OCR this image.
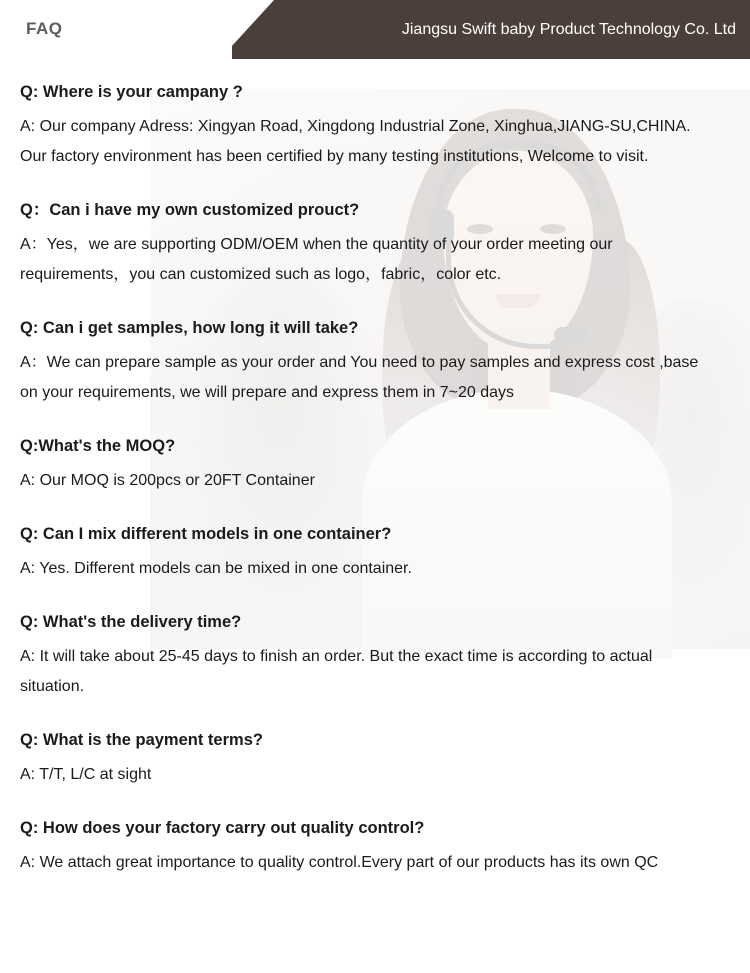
FAQ	Jiangsu Swift baby Product Technology Co. Ltd

Q: Where is your campany ?

A: Our company Adress: Xingyan Road, Xingdong Industrial Zone, Xinghua,JIANG-SU,CHINA. Our factory environment has been certified by many testing institutions, Welcome to visit.

Q：Can i have my own customized prouct?

A：Yes，we are supporting ODM/OEM when the quantity of your order meeting our requirements，you can customized such as logo，fabric，color etc.

Q: Can i get samples, how long it will take?

A：We can prepare sample as your order and You need to pay samples and express cost ,base on your requirements, we will prepare and express them in 7~20 days

Q:What's the MOQ?

A: Our MOQ is 200pcs or 20FT Container

Q: Can I mix different models in one container?

A: Yes. Different models can be mixed in one container.

Q: What's the delivery time?

A: It will take about 25-45 days to finish an order. But the exact time is according to actual situation.

Q: What is the payment terms?

A: T/T, L/C at sight

Q: How does your factory carry out quality control?

A: We attach great importance to quality control.Every part of our products has its own QC
